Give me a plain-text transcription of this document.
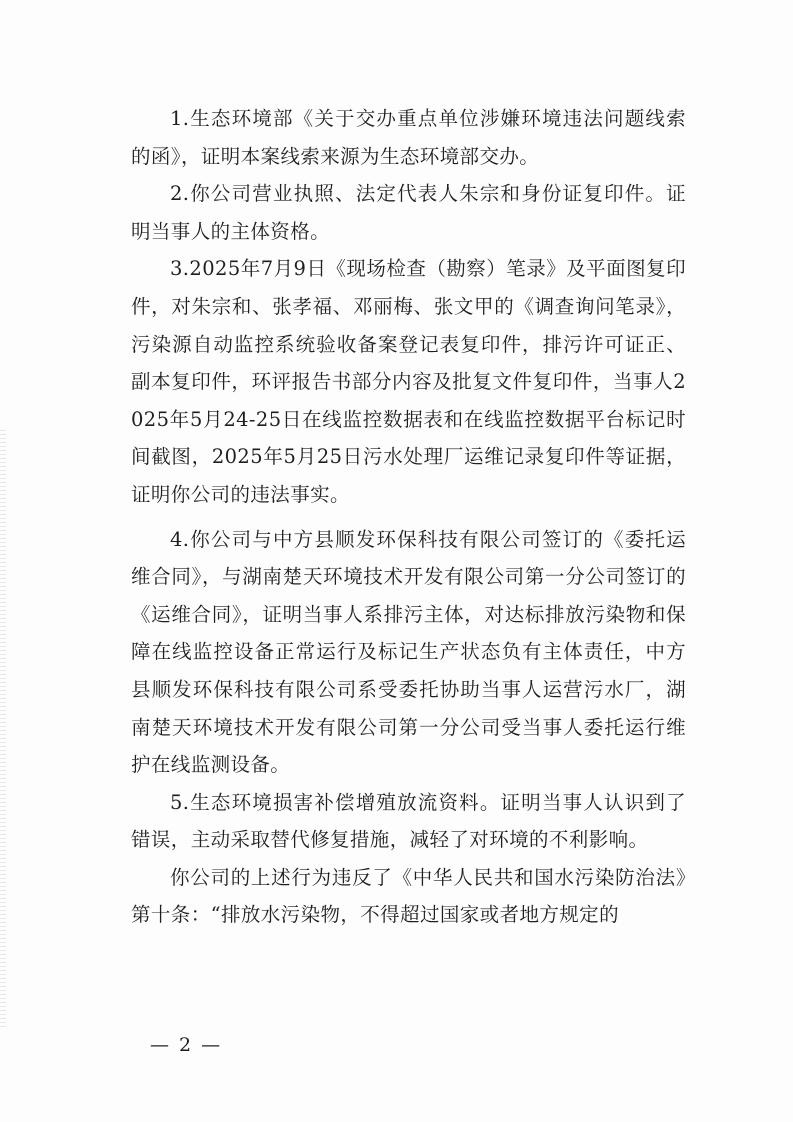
1.生态环境部《关于交办重点单位涉嫌环境违法问题线索的函》，证明本案线索来源为生态环境部交办。

2.你公司营业执照、法定代表人朱宗和身份证复印件。证明当事人的主体资格。

3.2025年7月9日《现场检查（勘察）笔录》及平面图复印件，对朱宗和、张孝福、邓丽梅、张文甲的《调查询问笔录》，污染源自动监控系统验收备案登记表复印件，排污许可证正、副本复印件，环评报告书部分内容及批复文件复印件，当事人2025年5月24-25日在线监控数据表和在线监控数据平台标记时间截图，2025年5月25日污水处理厂运维记录复印件等证据，证明你公司的违法事实。

4.你公司与中方县顺发环保科技有限公司签订的《委托运维合同》，与湖南楚天环境技术开发有限公司第一分公司签订的《运维合同》，证明当事人系排污主体，对达标排放污染物和保障在线监控设备正常运行及标记生产状态负有主体责任，中方县顺发环保科技有限公司系受委托协助当事人运营污水厂，湖南楚天环境技术开发有限公司第一分公司受当事人委托运行维护在线监测设备。

5.生态环境损害补偿增殖放流资料。证明当事人认识到了错误，主动采取替代修复措施，减轻了对环境的不利影响。

你公司的上述行为违反了《中华人民共和国水污染防治法》第十条：“排放水污染物，不得超过国家或者地方规定的

— 2 —
